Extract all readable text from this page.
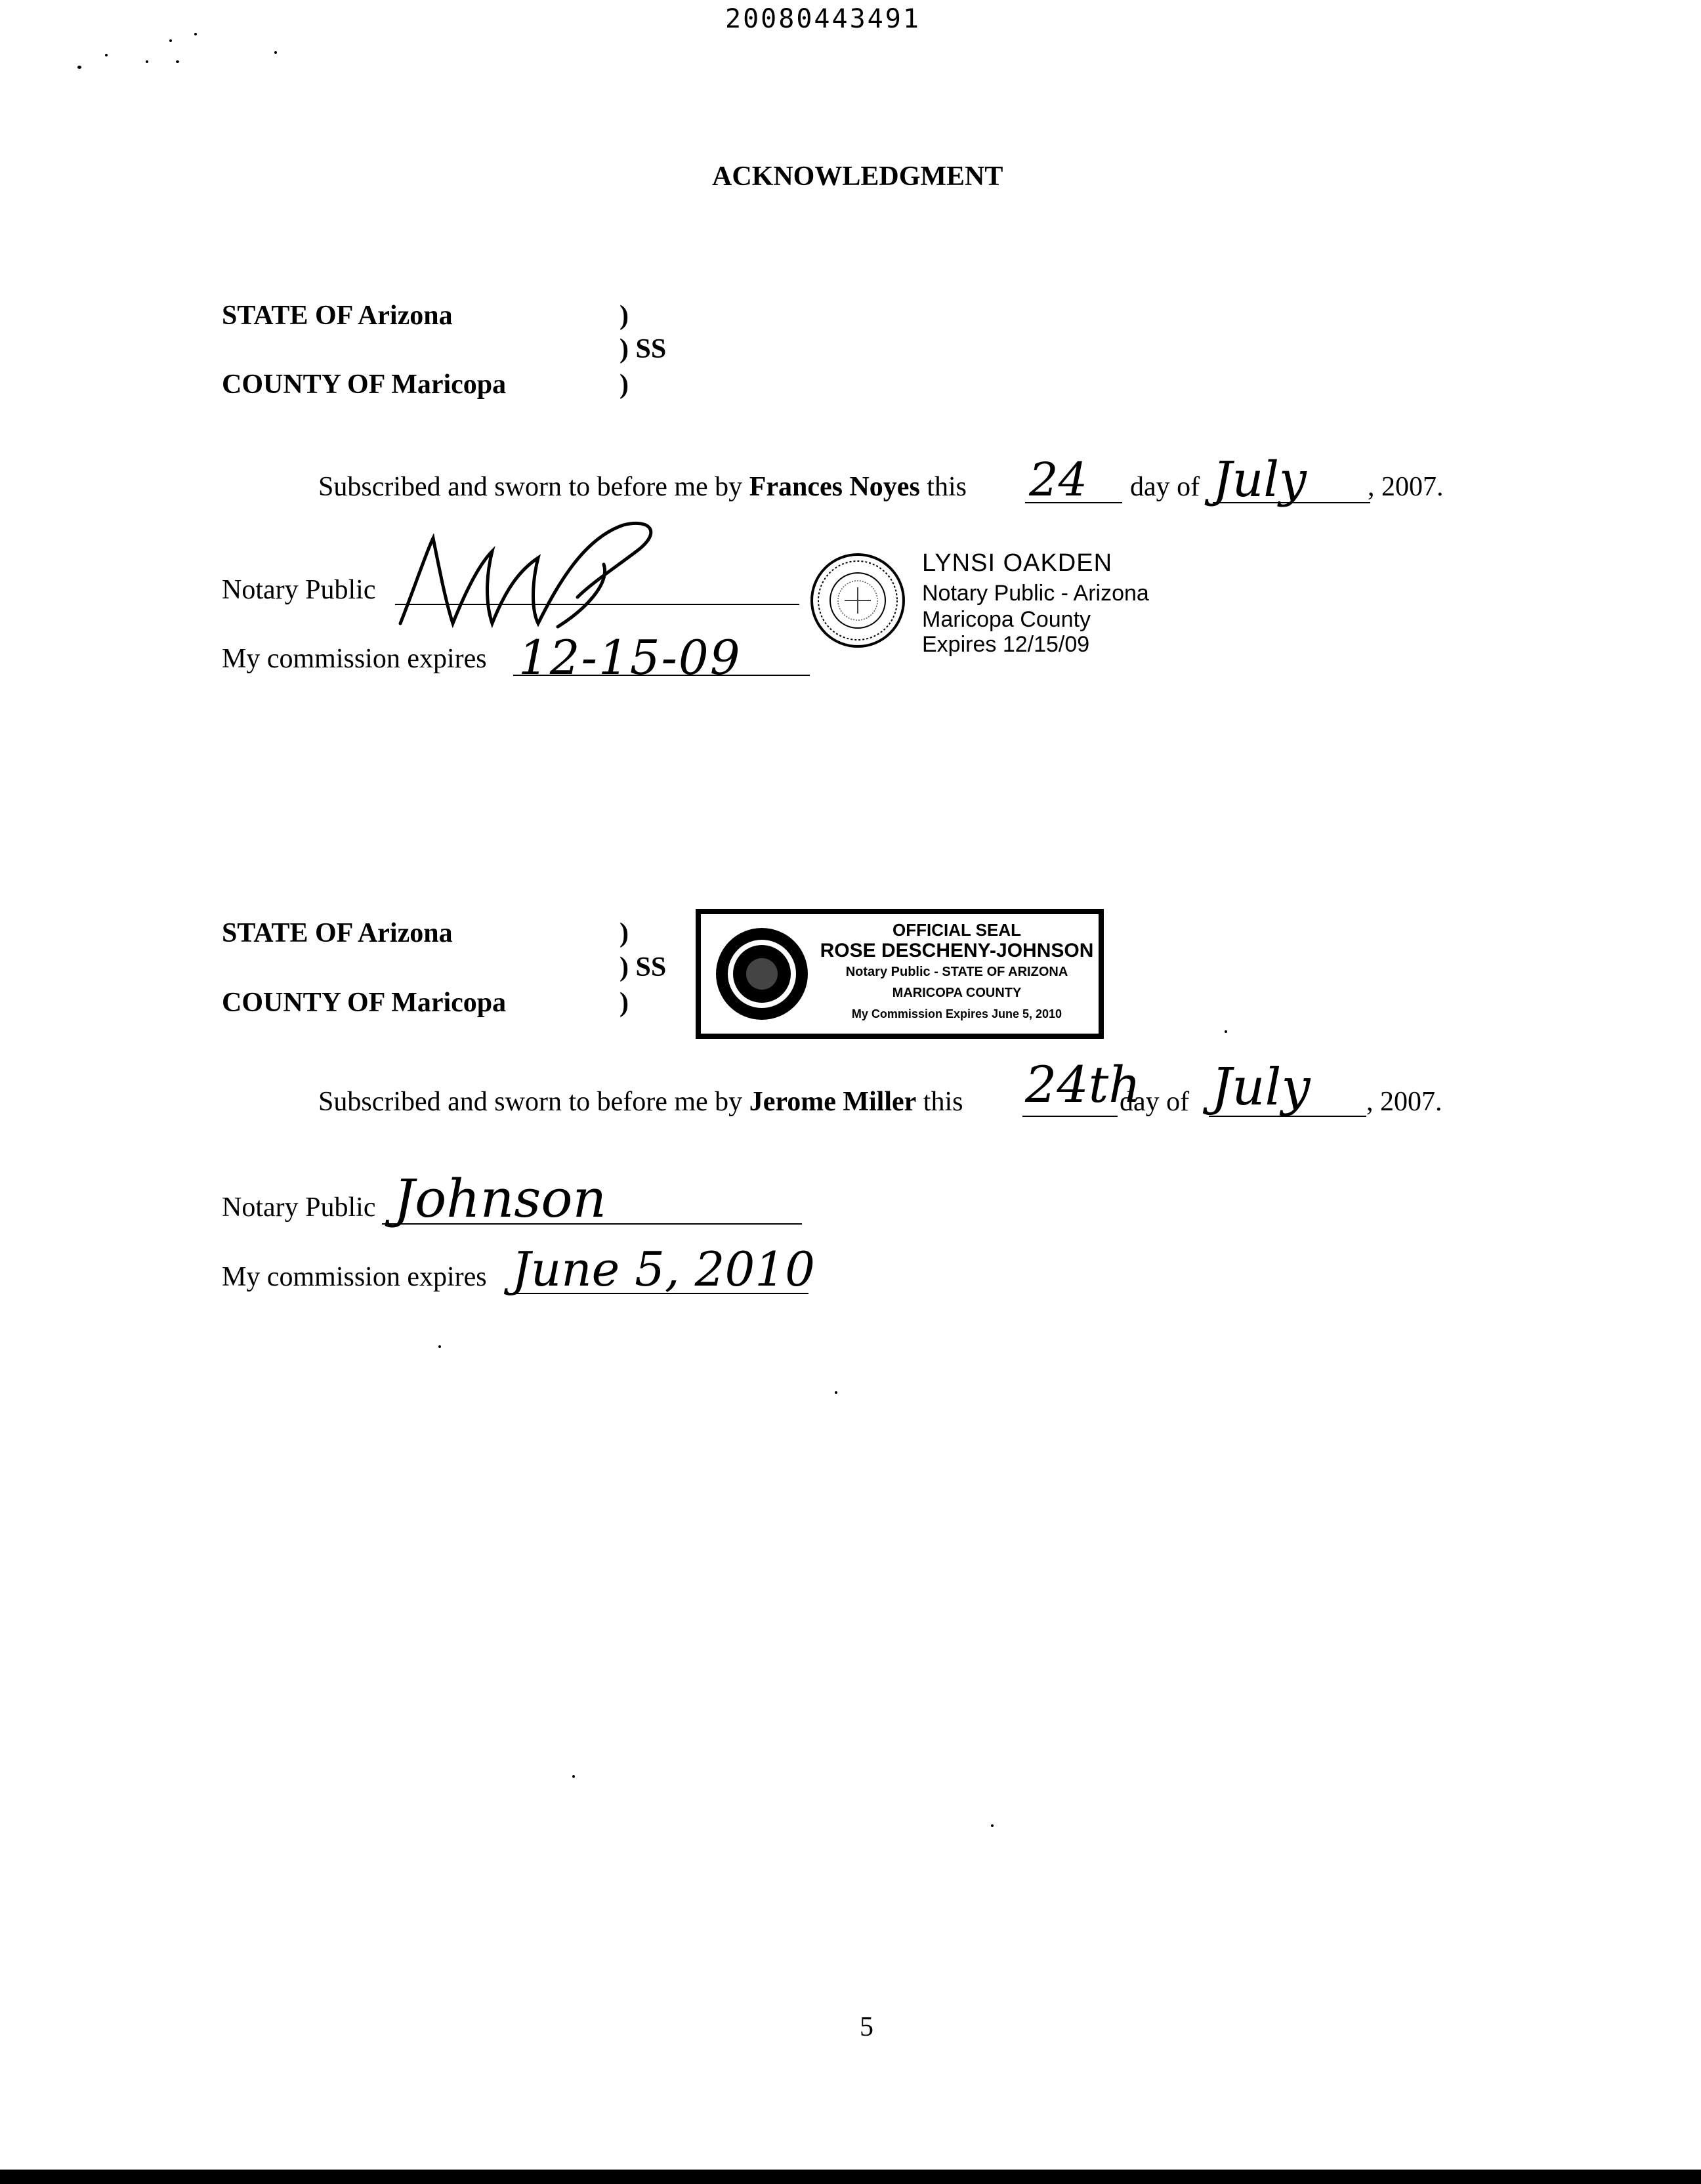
20080443491
ACKNOWLEDGMENT
STATE OF Arizona	)
) SS
COUNTY OF Maricopa	)
Subscribed and sworn to before me by Frances Noyes this 24 day of July , 2007.
Notary Public
My commission expires 12-15-09
LYNSI OAKDEN
Notary Public - Arizona
Maricopa County
Expires 12/15/09
STATE OF Arizona	)
) SS
COUNTY OF Maricopa	)
OFFICIAL SEAL
ROSE DESCHENY-JOHNSON
Notary Public - STATE OF ARIZONA
MARICOPA COUNTY
My Commission Expires June 5, 2010
Subscribed and sworn to before me by Jerome Miller this 24th
day of July , 2007.
Notary Public Johnson
My commission expires June 5, 2010
5
